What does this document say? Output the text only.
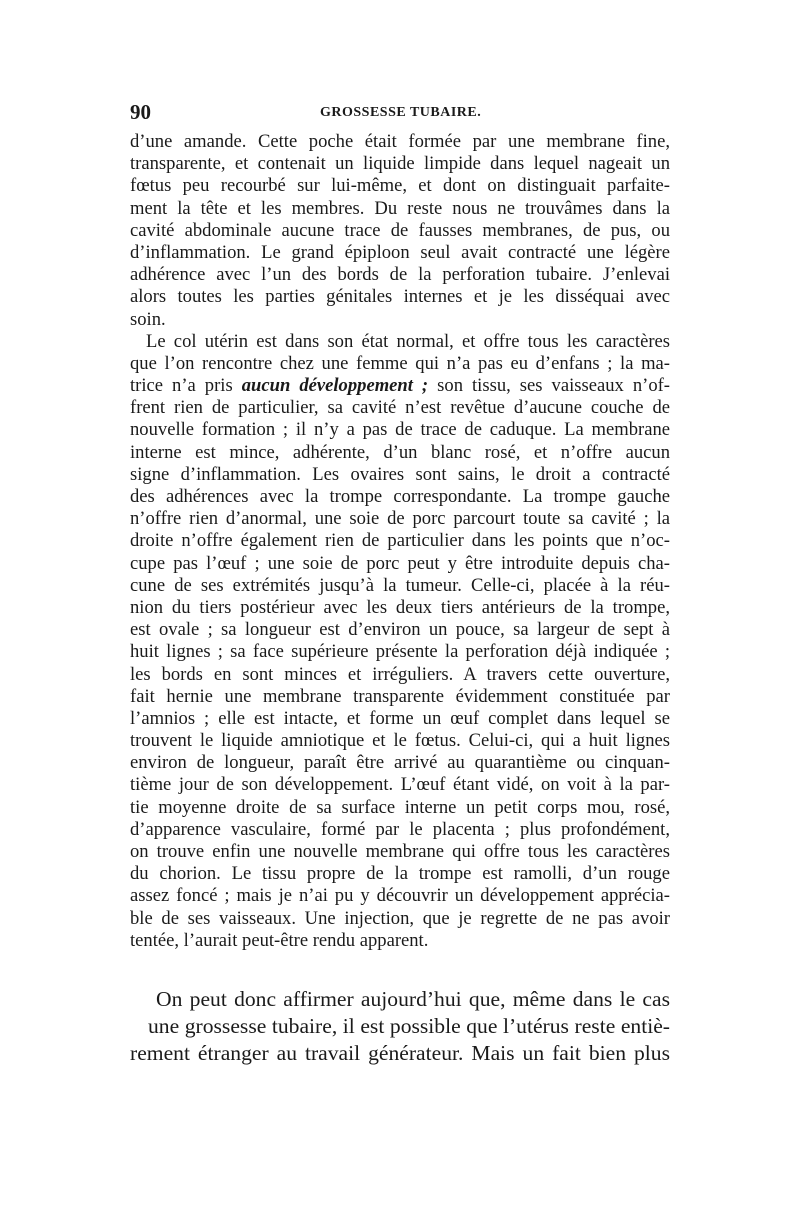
90	GROSSESSE TUBAIRE.
d’une amande. Cette poche était formée par une membrane fine,
transparente, et contenait un liquide limpide dans lequel nageait un
fœtus peu recourbé sur lui-même, et dont on distinguait parfaite-
ment la tête et les membres. Du reste nous ne trouvâmes dans la
cavité abdominale aucune trace de fausses membranes, de pus, ou
d’inflammation. Le grand épiploon seul avait contracté une légère
adhérence avec l’un des bords de la perforation tubaire. J’enlevai
alors toutes les parties génitales internes et je les disséquai avec
soin.
Le col utérin est dans son état normal, et offre tous les caractères
que l’on rencontre chez une femme qui n’a pas eu d’enfans ; la ma-
trice n’a pris aucun développement ; son tissu, ses vaisseaux n’of-
frent rien de particulier, sa cavité n’est revêtue d’aucune couche de
nouvelle formation ; il n’y a pas de trace de caduque. La membrane
interne est mince, adhérente, d’un blanc rosé, et n’offre aucun
signe d’inflammation. Les ovaires sont sains, le droit a contracté
des adhérences avec la trompe correspondante. La trompe gauche
n’offre rien d’anormal, une soie de porc parcourt toute sa cavité ; la
droite n’offre également rien de particulier dans les points que n’oc-
cupe pas l’œuf ; une soie de porc peut y être introduite depuis cha-
cune de ses extrémités jusqu’à la tumeur. Celle-ci, placée à la réu-
nion du tiers postérieur avec les deux tiers antérieurs de la trompe,
est ovale ; sa longueur est d’environ un pouce, sa largeur de sept à
huit lignes ; sa face supérieure présente la perforation déjà indiquée ;
les bords en sont minces et irréguliers. A travers cette ouverture,
fait hernie une membrane transparente évidemment constituée par
l’amnios ; elle est intacte, et forme un œuf complet dans lequel se
trouvent le liquide amniotique et le fœtus. Celui-ci, qui a huit lignes
environ de longueur, paraît être arrivé au quarantième ou cinquan-
tième jour de son développement. L’œuf étant vidé, on voit à la par-
tie moyenne droite de sa surface interne un petit corps mou, rosé,
d’apparence vasculaire, formé par le placenta ; plus profondément,
on trouve enfin une nouvelle membrane qui offre tous les caractères
du chorion. Le tissu propre de la trompe est ramolli, d’un rouge
assez foncé ; mais je n’ai pu y découvrir un développement apprécia-
ble de ses vaisseaux. Une injection, que je regrette de ne pas avoir
tentée, l’aurait peut-être rendu apparent.
On peut donc affirmer aujourd’hui que, même dans le cas
une grossesse tubaire, il est possible que l’utérus reste entiè-
rement étranger au travail générateur. Mais un fait bien plus
